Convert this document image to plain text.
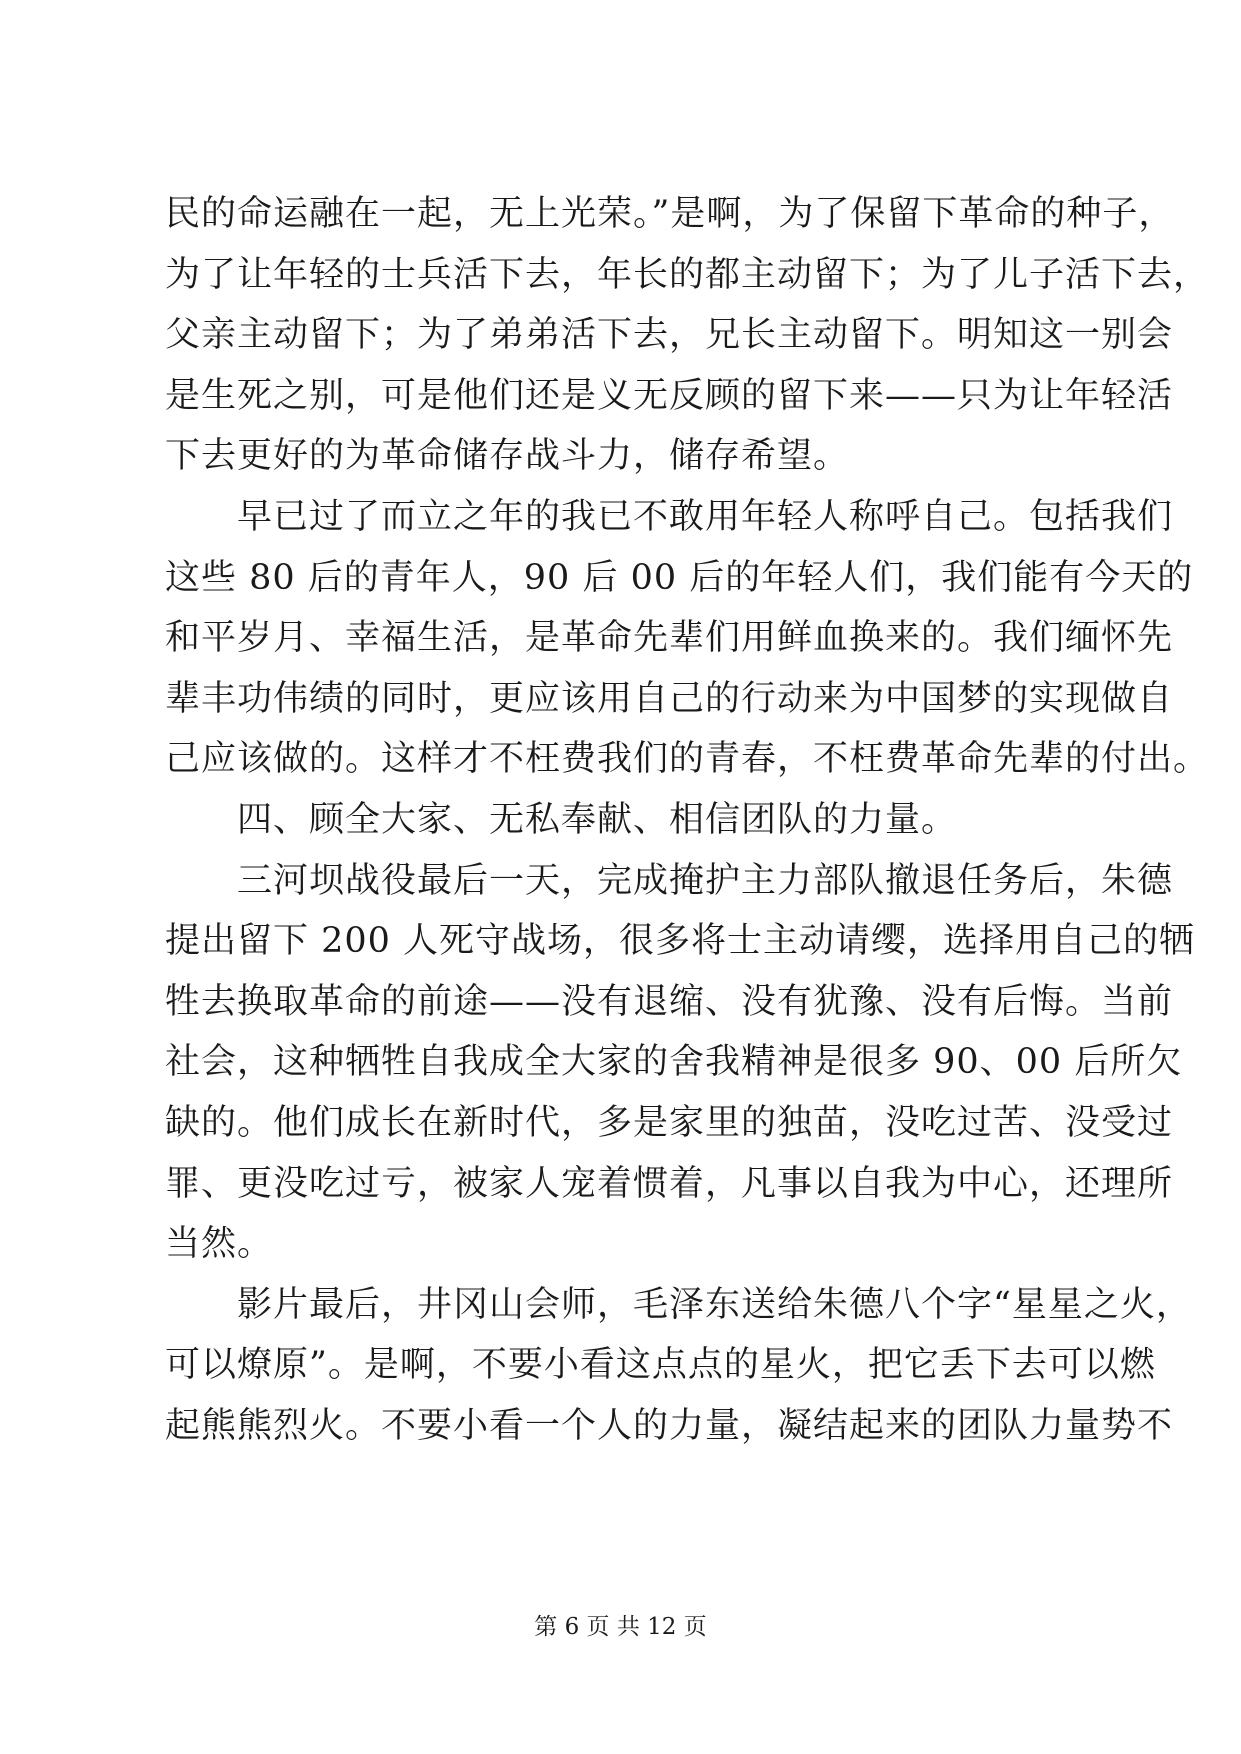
民的命运融在一起，无上光荣。”是啊，为了保留下革命的种子，
为了让年轻的士兵活下去，年长的都主动留下；为了儿子活下去，
父亲主动留下；为了弟弟活下去，兄长主动留下。明知这一别会
是生死之别，可是他们还是义无反顾的留下来——只为让年轻活
下去更好的为革命储存战斗力，储存希望。
　　早已过了而立之年的我已不敢用年轻人称呼自己。包括我们
这些 80 后的青年人，90 后 00 后的年轻人们，我们能有今天的
和平岁月、幸福生活，是革命先辈们用鲜血换来的。我们缅怀先
辈丰功伟绩的同时，更应该用自己的行动来为中国梦的实现做自
己应该做的。这样才不枉费我们的青春，不枉费革命先辈的付出。
　　四、顾全大家、无私奉献、相信团队的力量。
　　三河坝战役最后一天，完成掩护主力部队撤退任务后，朱德
提出留下 200 人死守战场，很多将士主动请缨，选择用自己的牺
牲去换取革命的前途——没有退缩、没有犹豫、没有后悔。当前
社会，这种牺牲自我成全大家的舍我精神是很多 90、00 后所欠
缺的。他们成长在新时代，多是家里的独苗，没吃过苦、没受过
罪、更没吃过亏，被家人宠着惯着，凡事以自我为中心，还理所
当然。
　　影片最后，井冈山会师，毛泽东送给朱德八个字“星星之火，
可以燎原”。是啊，不要小看这点点的星火，把它丢下去可以燃
起熊熊烈火。不要小看一个人的力量，凝结起来的团队力量势不
第 6 页 共 12 页
